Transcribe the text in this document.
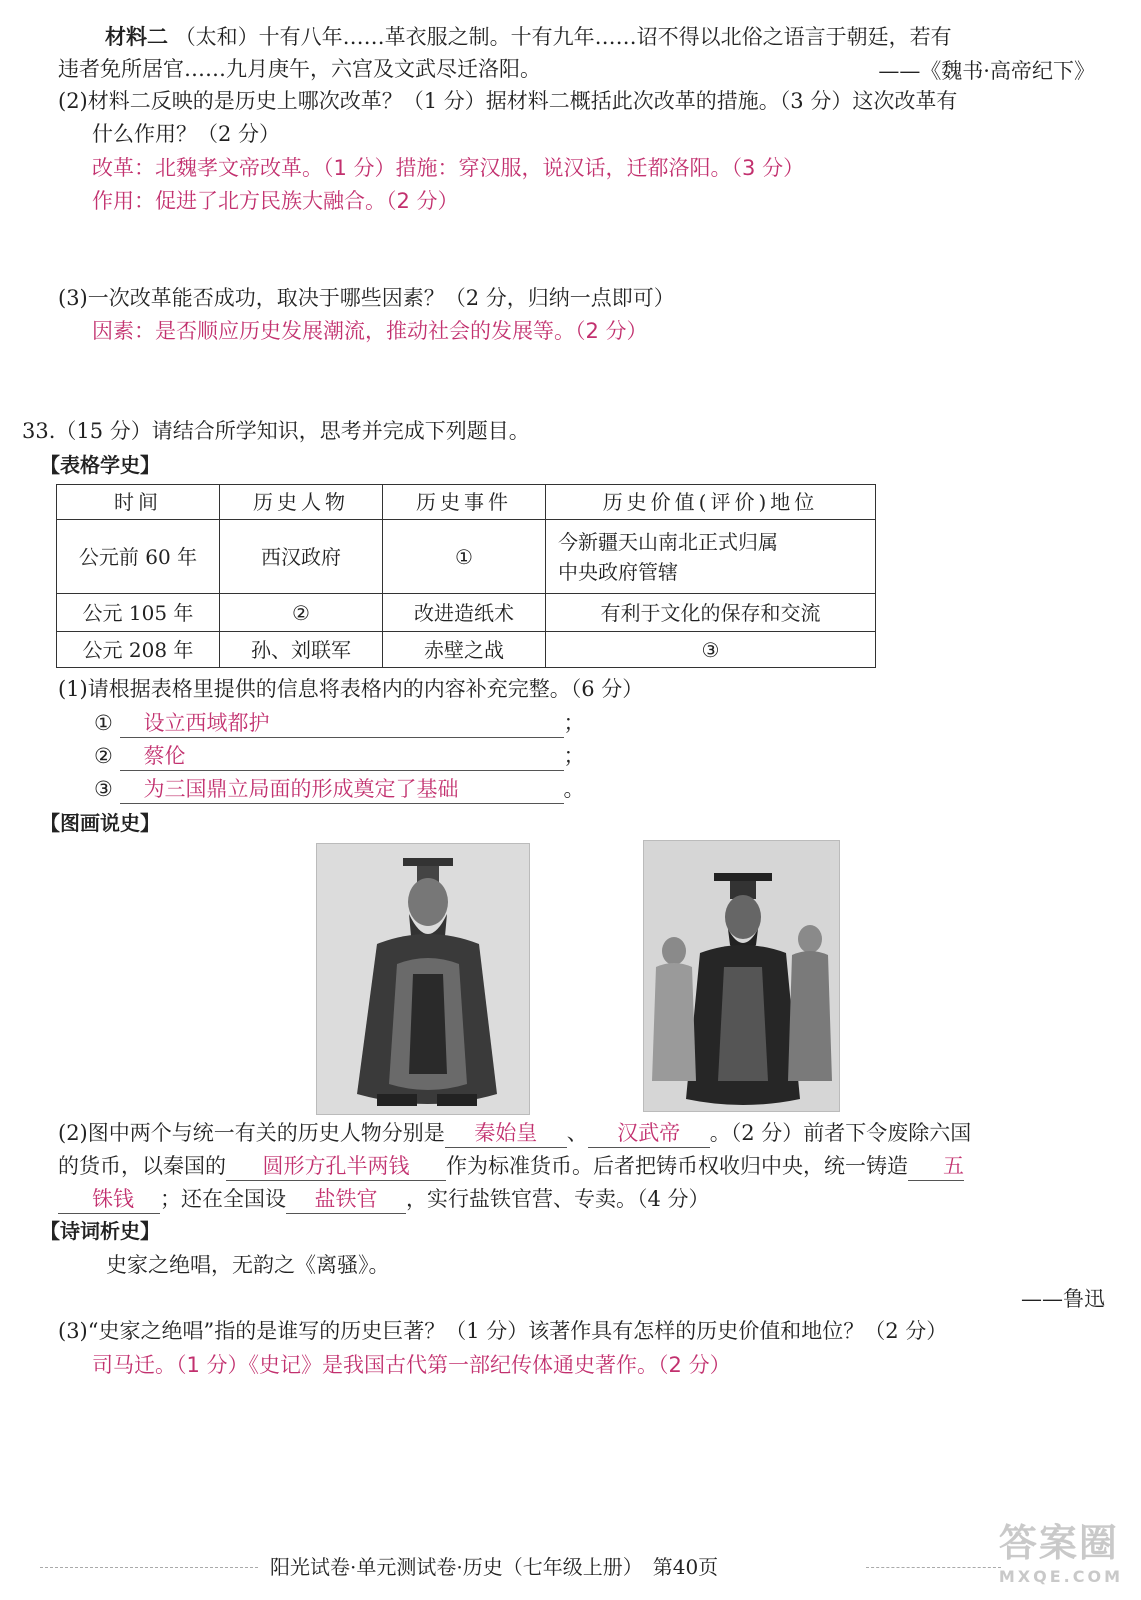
材料二 （太和）十有八年……革衣服之制。十有九年……诏不得以北俗之语言于朝廷，若有
违者免所居官……九月庚午，六宫及文武尽迁洛阳。	——《魏书·高帝纪下》
(2)材料二反映的是历史上哪次改革？（1 分）据材料二概括此次改革的措施。（3 分）这次改革有
什么作用？（2 分）
改革：北魏孝文帝改革。（1 分）措施：穿汉服，说汉话，迁都洛阳。（3 分）
作用：促进了北方民族大融合。（2 分）
(3)一次改革能否成功，取决于哪些因素？（2 分，归纳一点即可）
因素：是否顺应历史发展潮流，推动社会的发展等。（2 分）
33.（15 分）请结合所学知识，思考并完成下列题目。
【表格学史】
时间	历史人物	历史事件	历史价值(评价)地位
公元前 60 年	西汉政府	①	今新疆天山南北正式归属
中央政府管辖

公元 105 年	②	改进造纸术	有利于文化的保存和交流
公元 208 年	孙、刘联军	赤壁之战	③
(1)请根据表格里提供的信息将表格内的内容补充完整。（6 分）
① 设立西域都护	；
② 蔡伦	；
③ 为三国鼎立局面的形成奠定了基础	。
【图画说史】
(2)图中两个与统一有关的历史人物分别是 秦始皇 、 汉武帝 。（2 分）前者下令废除六国
的货币，以秦国的 圆形方孔半两钱 作为标准货币。后者把铸币权收归中央，统一铸造 五
铢钱 ；还在全国设 盐铁官 ，实行盐铁官营、专卖。（4 分）
【诗词析史】
史家之绝唱，无韵之《离骚》。
——鲁迅
(3)“史家之绝唱”指的是谁写的历史巨著？（1 分）该著作具有怎样的历史价值和地位？（2 分）
司马迁。（1 分）《史记》是我国古代第一部纪传体通史著作。（2 分）
阳光试卷·单元测试卷·历史（七年级上册）　第40页
答案圈
MXQE.COM
